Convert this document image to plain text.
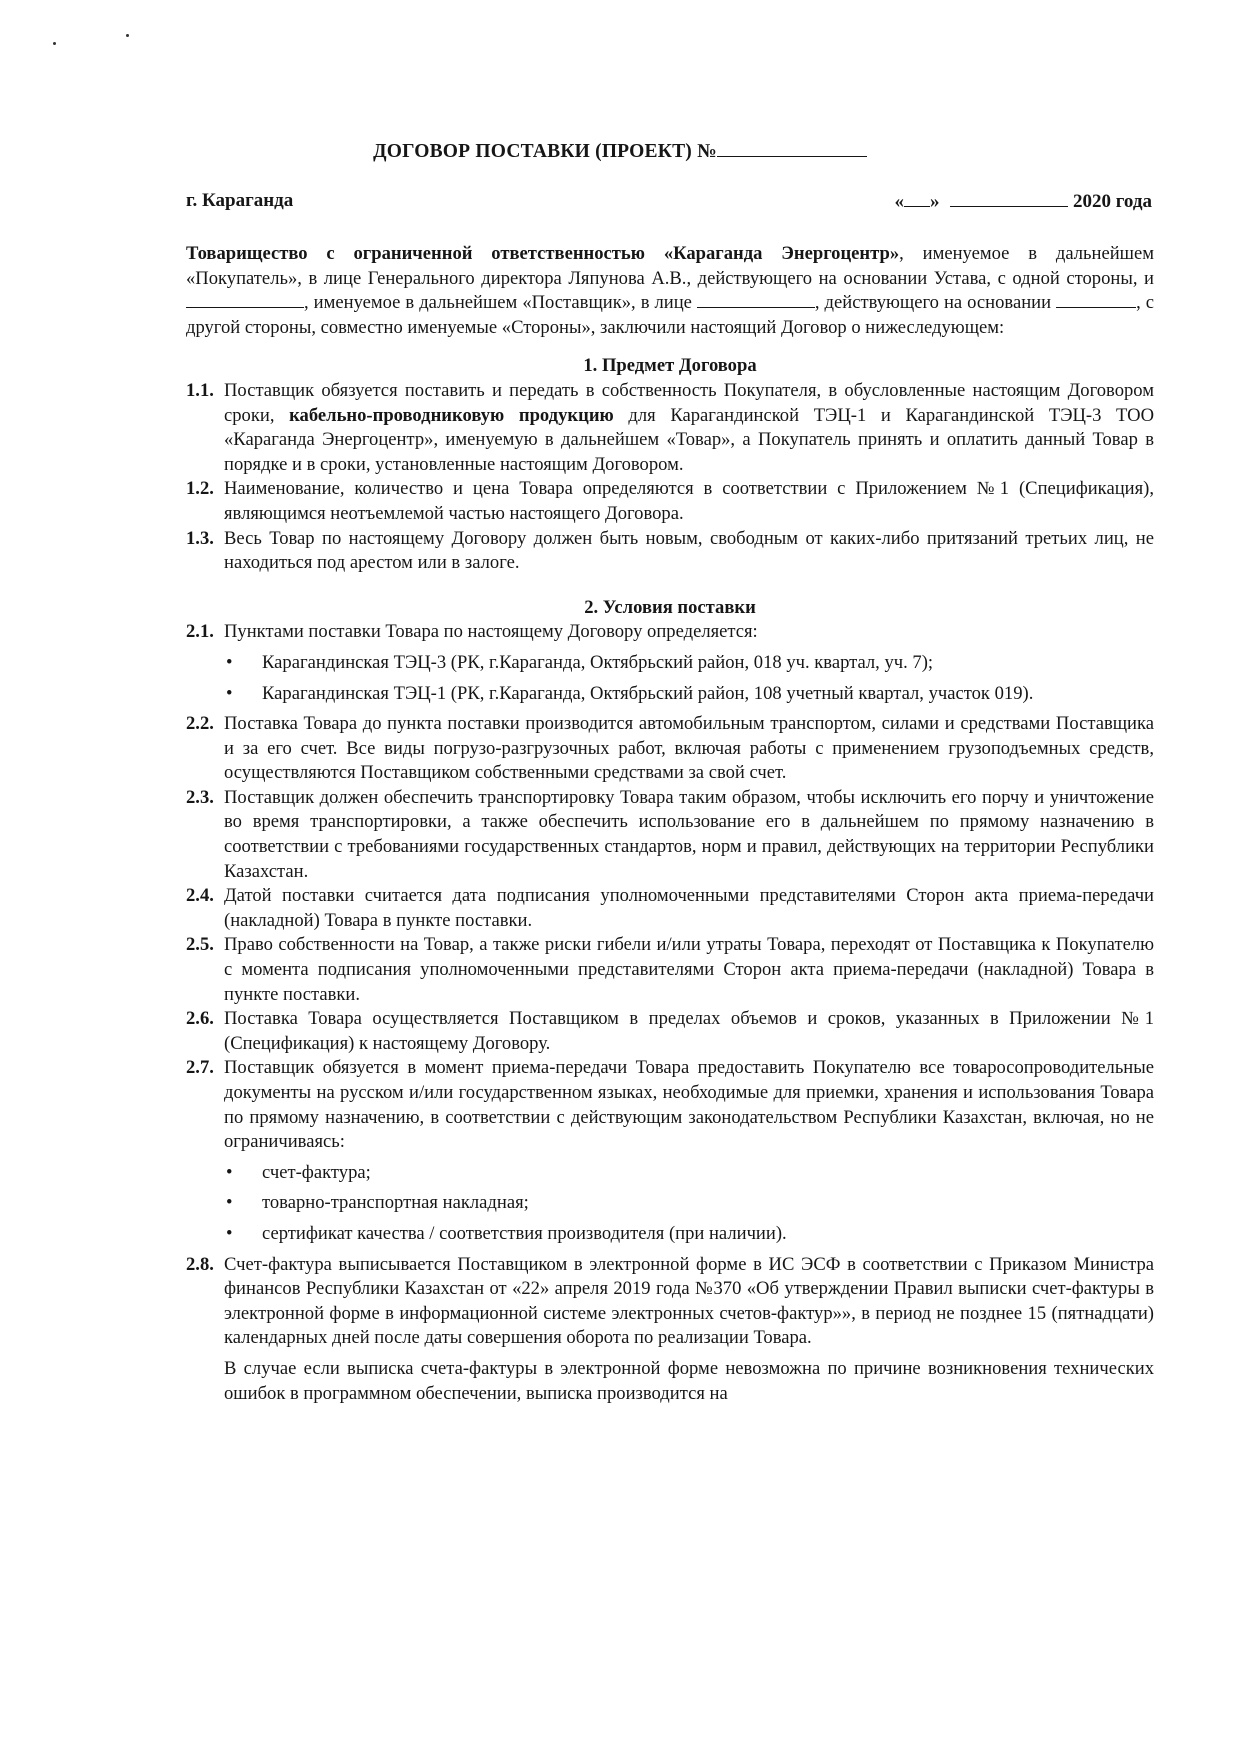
ДОГОВОР ПОСТАВКИ (ПРОЕКТ) №
г. Караганда	« »	2020 года

Товарищество с ограниченной ответственностью «Караганда Энергоцентр», именуемое в дальнейшем «Покупатель», в лице Генерального директора Ляпунова А.В., действующего на основании Устава, с одной стороны, и , именуемое в дальнейшем «Поставщик», в лице	, действующего на основании	, с другой стороны, совместно именуемые «Стороны», заключили настоящий Договор о нижеследующем:

1. Предмет Договора
1.1. Поставщик обязуется поставить и передать в собственность Покупателя, в обусловленные настоящим Договором сроки, кабельно-проводниковую продукцию для Карагандинской ТЭЦ-1 и Карагандинской ТЭЦ-3 ТОО «Караганда Энергоцентр», именуемую в дальнейшем «Товар», а Покупатель принять и оплатить данный Товар в порядке и в сроки, установленные настоящим Договором.
1.2. Наименование, количество и цена Товара определяются в соответствии с Приложением №1 (Спецификация), являющимся неотъемлемой частью настоящего Договора.
1.3. Весь Товар по настоящему Договору должен быть новым, свободным от каких-либо притязаний третьих лиц, не находиться под арестом или в залоге.
2. Условия поставки
2.1. Пунктами поставки Товара по настоящему Договору определяется:
•	Карагандинская ТЭЦ-3 (РК, г.Караганда, Октябрьский район, 018 уч. квартал, уч. 7);
•	Карагандинская ТЭЦ-1 (РК, г.Караганда, Октябрьский район, 108 учетный квартал, участок 019).
2.2. Поставка Товара до пункта поставки производится автомобильным транспортом, силами и средствами Поставщика и за его счет. Все виды погрузо-разгрузочных работ, включая работы с применением грузоподъемных средств, осуществляются Поставщиком собственными средствами за свой счет.
2.3. Поставщик должен обеспечить транспортировку Товара таким образом, чтобы исключить его порчу и уничтожение во время транспортировки, а также обеспечить использование его в дальнейшем по прямому назначению в соответствии с требованиями государственных стандартов, норм и правил, действующих на территории Республики Казахстан.
2.4. Датой поставки считается дата подписания уполномоченными представителями Сторон акта приема-передачи (накладной) Товара в пункте поставки.
2.5. Право собственности на Товар, а также риски гибели и/или утраты Товара, переходят от Поставщика к Покупателю с момента подписания уполномоченными представителями Сторон акта приема-передачи (накладной) Товара в пункте поставки.
2.6. Поставка Товара осуществляется Поставщиком в пределах объемов и сроков, указанных в Приложении №1 (Спецификация) к настоящему Договору.
2.7. Поставщик обязуется в момент приема-передачи Товара предоставить Покупателю все товаросопроводительные документы на русском и/или государственном языках, необходимые для приемки, хранения и использования Товара по прямому назначению, в соответствии с действующим законодательством Республики Казахстан, включая, но не ограничиваясь:
•	счет-фактура;
•	товарно-транспортная накладная;
•	сертификат качества / соответствия производителя (при наличии).
2.8. Счет-фактура выписывается Поставщиком в электронной форме в ИС ЭСФ в соответствии с Приказом Министра финансов Республики Казахстан от «22» апреля 2019 года №370 «Об утверждении Правил выписки счет-фактуры в электронной форме в информационной системе электронных счетов-фактур»», в период не позднее 15 (пятнадцати) календарных дней после даты совершения оборота по реализации Товара.

В случае если выписка счета-фактуры в электронной форме невозможна по причине возникновения технических ошибок в программном обеспечении, выписка производится на
